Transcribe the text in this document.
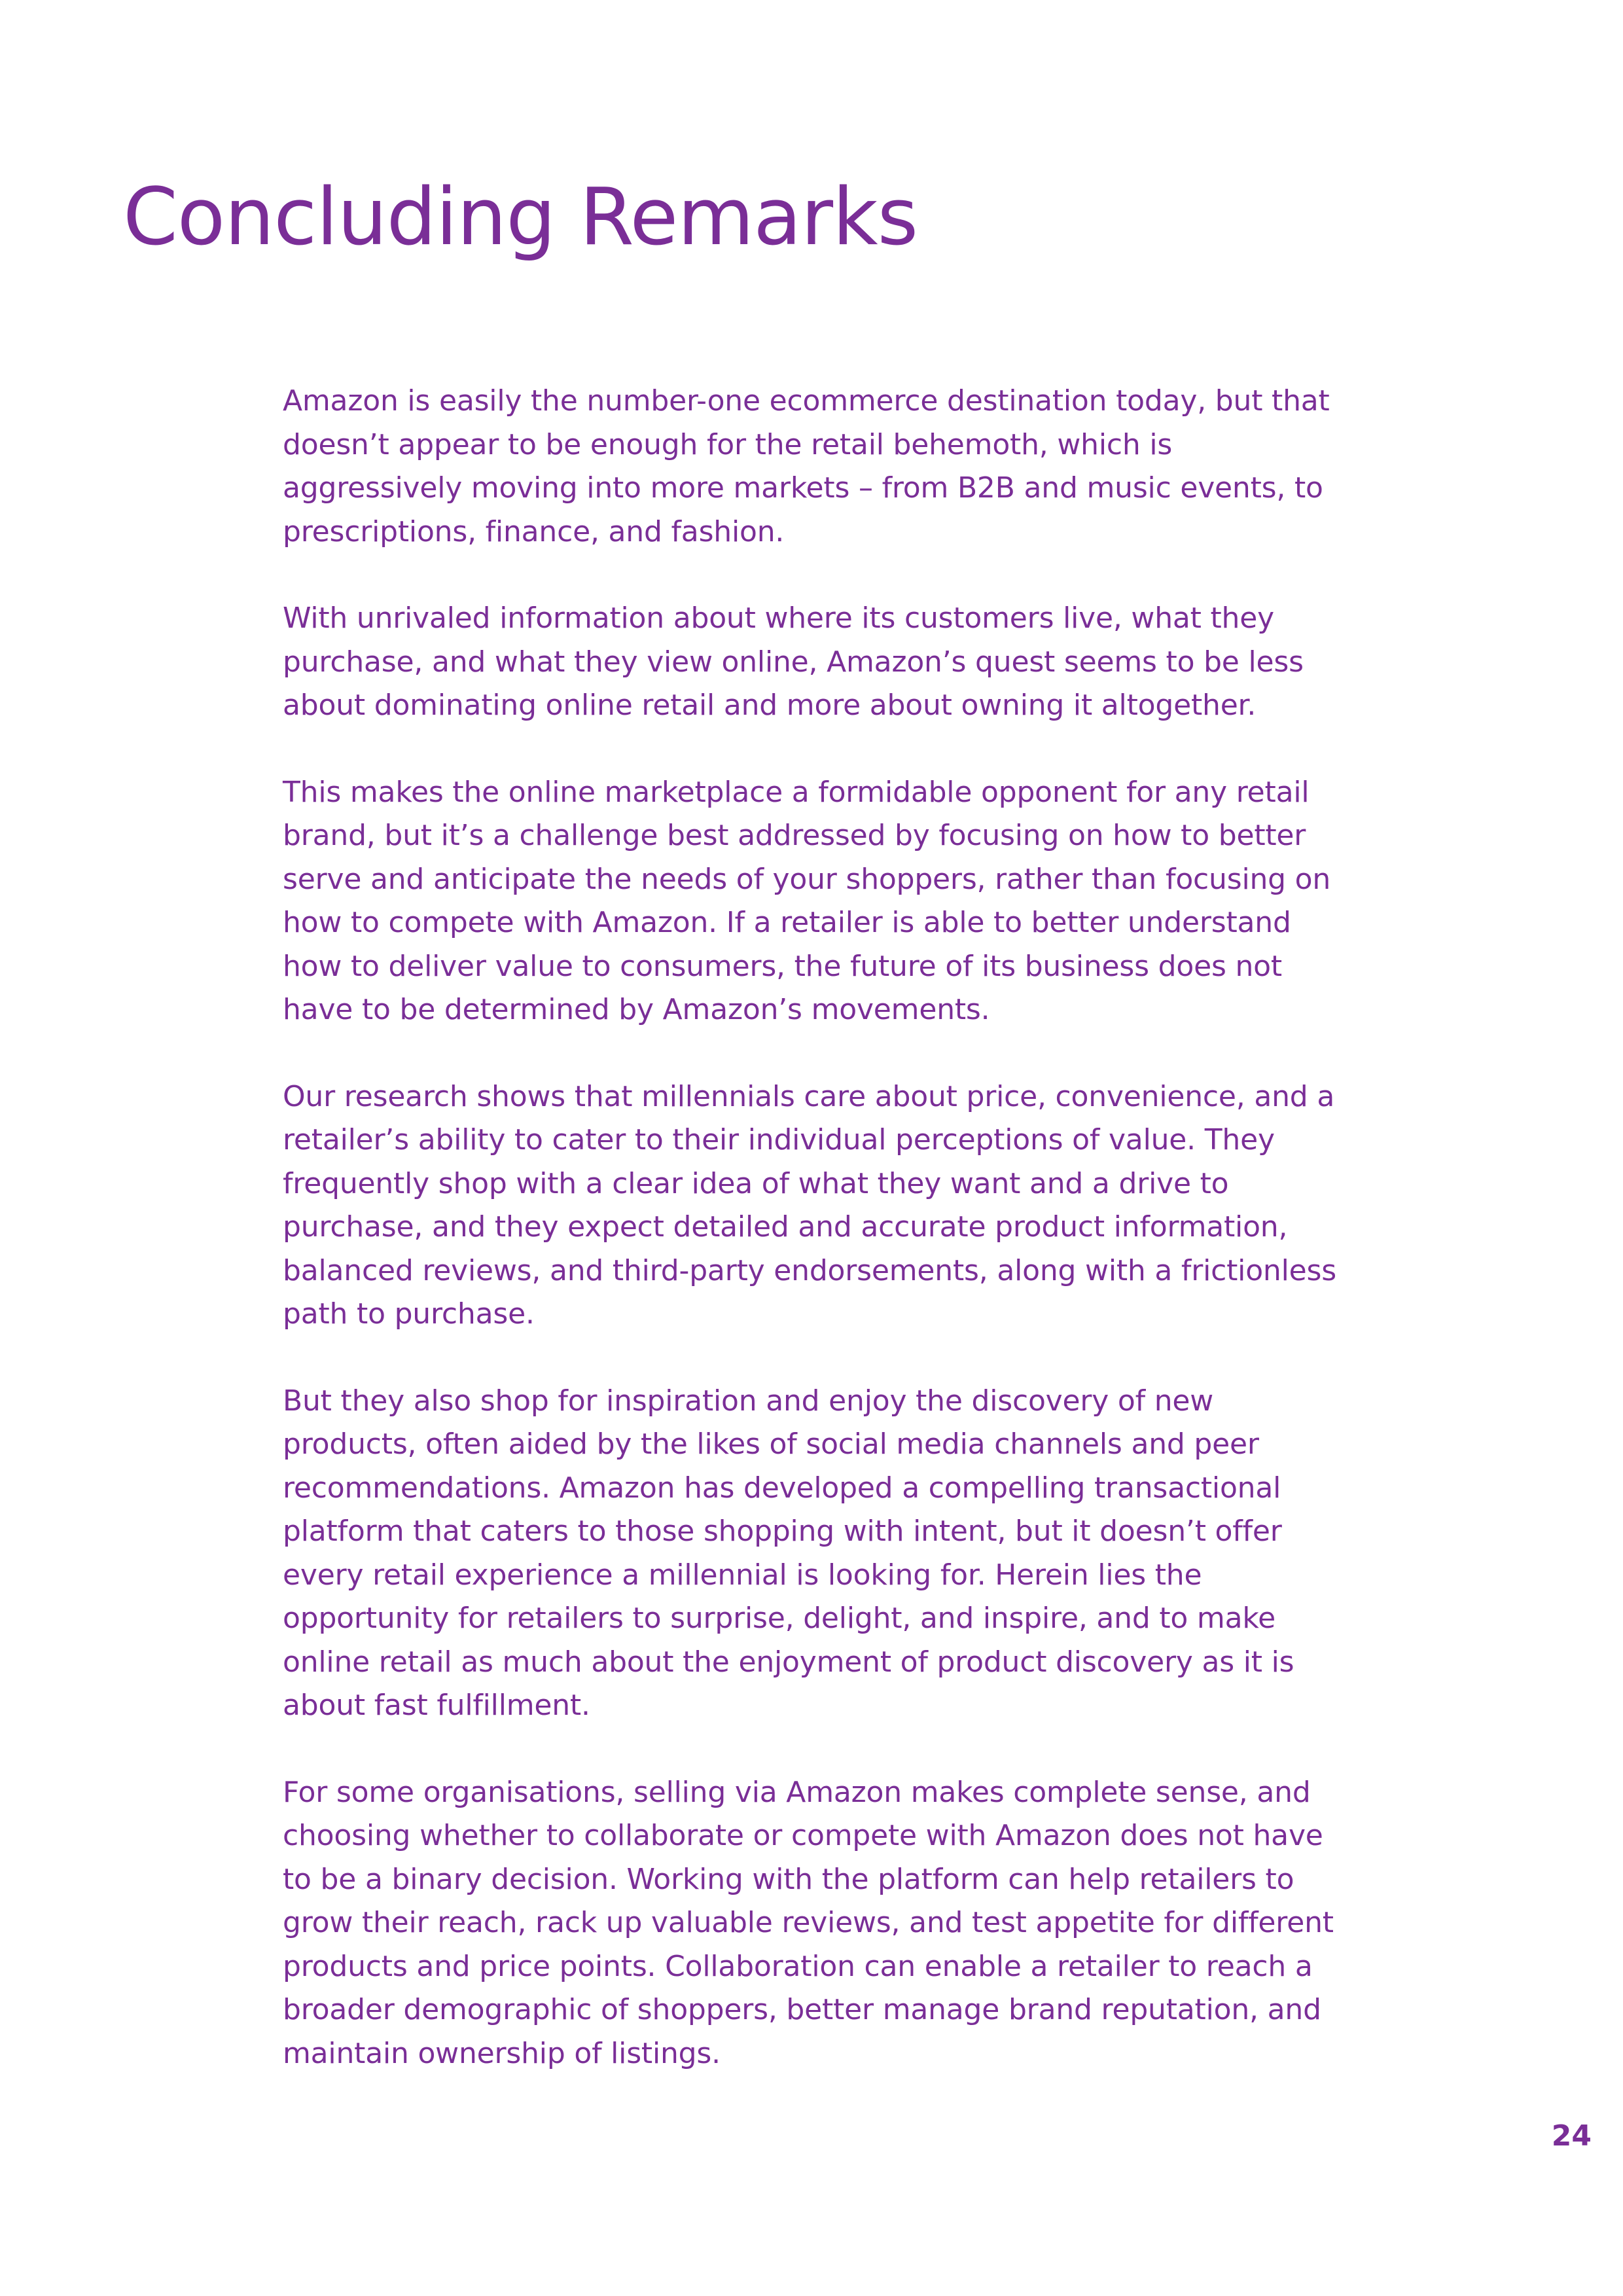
Concluding Remarks

Amazon is easily the number-one ecommerce destination today, but that doesn’t appear to be enough for the retail behemoth, which is aggressively moving into more markets – from B2B and music events, to prescriptions, finance, and fashion.

With unrivaled information about where its customers live, what they purchase, and what they view online, Amazon’s quest seems to be less about dominating online retail and more about owning it altogether.

This makes the online marketplace a formidable opponent for any retail brand, but it’s a challenge best addressed by focusing on how to better serve and anticipate the needs of your shoppers, rather than focusing on how to compete with Amazon. If a retailer is able to better understand how to deliver value to consumers, the future of its business does not have to be determined by Amazon’s movements.

Our research shows that millennials care about price, convenience, and a retailer’s ability to cater to their individual perceptions of value. They frequently shop with a clear idea of what they want and a drive to purchase, and they expect detailed and accurate product information, balanced reviews, and third-party endorsements, along with a frictionless path to purchase.

But they also shop for inspiration and enjoy the discovery of new products, often aided by the likes of social media channels and peer recommendations. Amazon has developed a compelling transactional platform that caters to those shopping with intent, but it doesn’t offer every retail experience a millennial is looking for. Herein lies the opportunity for retailers to surprise, delight, and inspire, and to make online retail as much about the enjoyment of product discovery as it is about fast fulfillment.

For some organisations, selling via Amazon makes complete sense, and choosing whether to collaborate or compete with Amazon does not have to be a binary decision. Working with the platform can help retailers to grow their reach, rack up valuable reviews, and test appetite for different products and price points. Collaboration can enable a retailer to reach a broader demographic of shoppers, better manage brand reputation, and maintain ownership of listings.

24
